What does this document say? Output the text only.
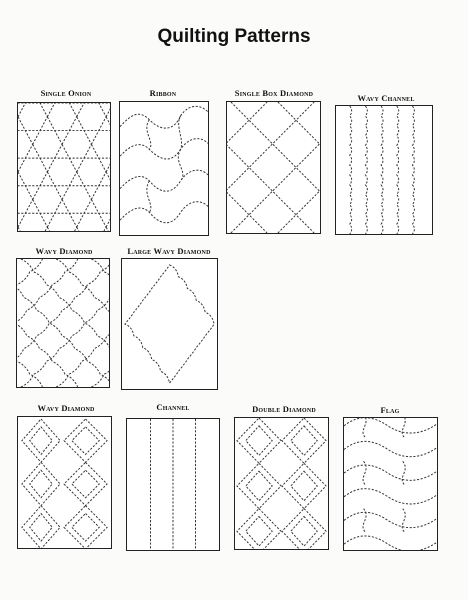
Quilting Patterns
Single Onion	Ribbon	Single Box Diamond	Wavy Channel
Wavy Diamond	Large Wavy Diamond
Wavy Diamond	Channel	Double Diamond	Flag
